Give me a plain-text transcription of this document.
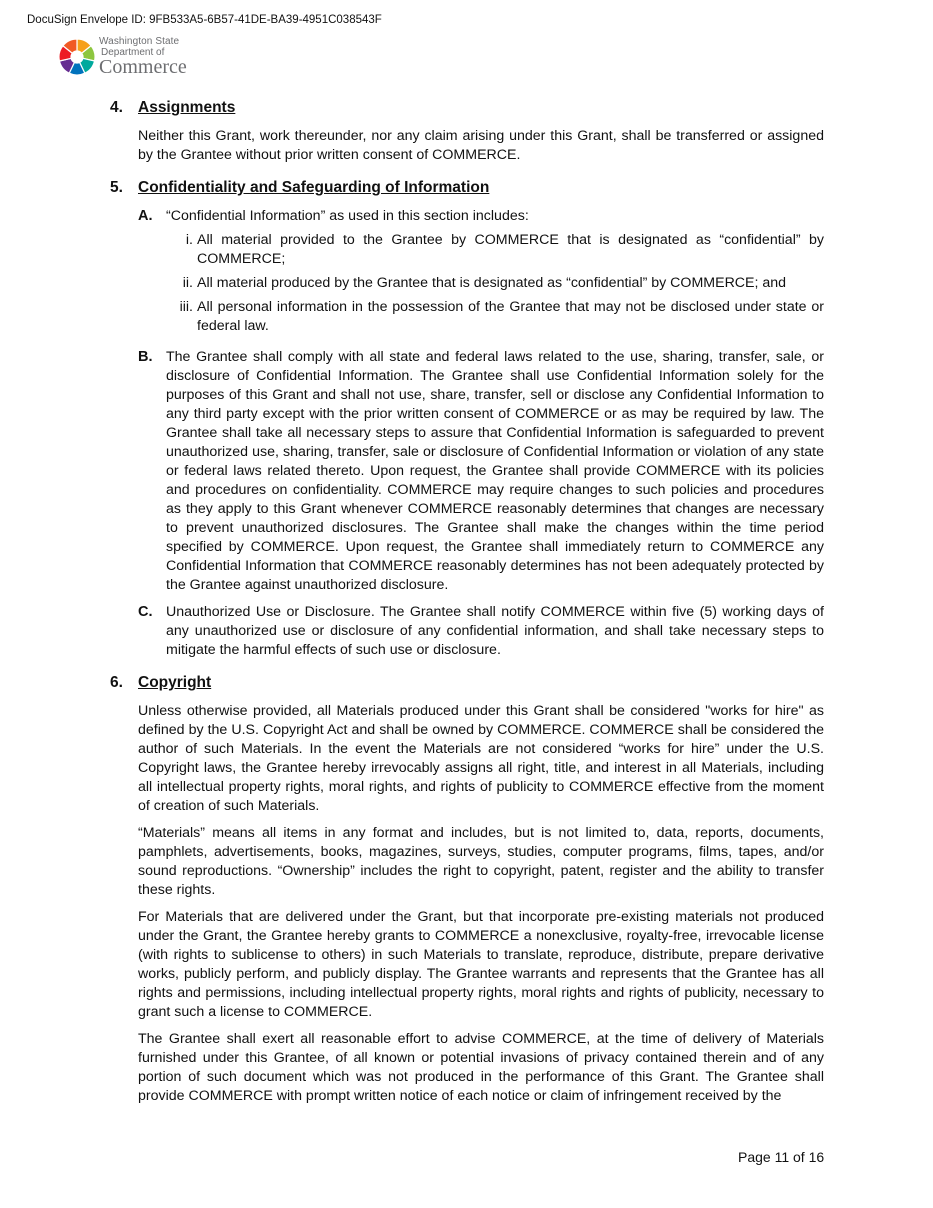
DocuSign Envelope ID: 9FB533A5-6B57-41DE-BA39-4951C038543F
Washington State
Department of
Commerce
4. Assignments

Neither this Grant, work thereunder, nor any claim arising under this Grant, shall be transferred or assigned by the Grantee without prior written consent of COMMERCE.

5. Confidentiality and Safeguarding of Information
A. “Confidential Information” as used in this section includes:
i. All material provided to the Grantee by COMMERCE that is designated as “confidential” by COMMERCE;
ii. All material produced by the Grantee that is designated as “confidential” by COMMERCE; and
iii. All personal information in the possession of the Grantee that may not be disclosed under state or federal law.
B. The Grantee shall comply with all state and federal laws related to the use, sharing, transfer, sale, or disclosure of Confidential Information. The Grantee shall use Confidential Information solely for the purposes of this Grant and shall not use, share, transfer, sell or disclose any Confidential Information to any third party except with the prior written consent of COMMERCE or as may be required by law. The Grantee shall take all necessary steps to assure that Confidential Information is safeguarded to prevent unauthorized use, sharing, transfer, sale or disclosure of Confidential Information or violation of any state or federal laws related thereto. Upon request, the Grantee shall provide COMMERCE with its policies and procedures on confidentiality. COMMERCE may require changes to such policies and procedures as they apply to this Grant whenever COMMERCE reasonably determines that changes are necessary to prevent unauthorized disclosures. The Grantee shall make the changes within the time period specified by COMMERCE. Upon request, the Grantee shall immediately return to COMMERCE any Confidential Information that COMMERCE reasonably determines has not been adequately protected by the Grantee against unauthorized disclosure.
C. Unauthorized Use or Disclosure. The Grantee shall notify COMMERCE within five (5) working days of any unauthorized use or disclosure of any confidential information, and shall take necessary steps to mitigate the harmful effects of such use or disclosure.
6. Copyright

Unless otherwise provided, all Materials produced under this Grant shall be considered "works for hire" as defined by the U.S. Copyright Act and shall be owned by COMMERCE. COMMERCE shall be considered the author of such Materials. In the event the Materials are not considered “works for hire” under the U.S. Copyright laws, the Grantee hereby irrevocably assigns all right, title, and interest in all Materials, including all intellectual property rights, moral rights, and rights of publicity to COMMERCE effective from the moment of creation of such Materials.

“Materials” means all items in any format and includes, but is not limited to, data, reports, documents, pamphlets, advertisements, books, magazines, surveys, studies, computer programs, films, tapes, and/or sound reproductions. “Ownership” includes the right to copyright, patent, register and the ability to transfer these rights.

For Materials that are delivered under the Grant, but that incorporate pre-existing materials not produced under the Grant, the Grantee hereby grants to COMMERCE a nonexclusive, royalty-free, irrevocable license (with rights to sublicense to others) in such Materials to translate, reproduce, distribute, prepare derivative works, publicly perform, and publicly display. The Grantee warrants and represents that the Grantee has all rights and permissions, including intellectual property rights, moral rights and rights of publicity, necessary to grant such a license to COMMERCE.

The Grantee shall exert all reasonable effort to advise COMMERCE, at the time of delivery of Materials furnished under this Grantee, of all known or potential invasions of privacy contained therein and of any portion of such document which was not produced in the performance of this Grant. The Grantee shall provide COMMERCE with prompt written notice of each notice or claim of infringement received by the

Page 11 of 16
